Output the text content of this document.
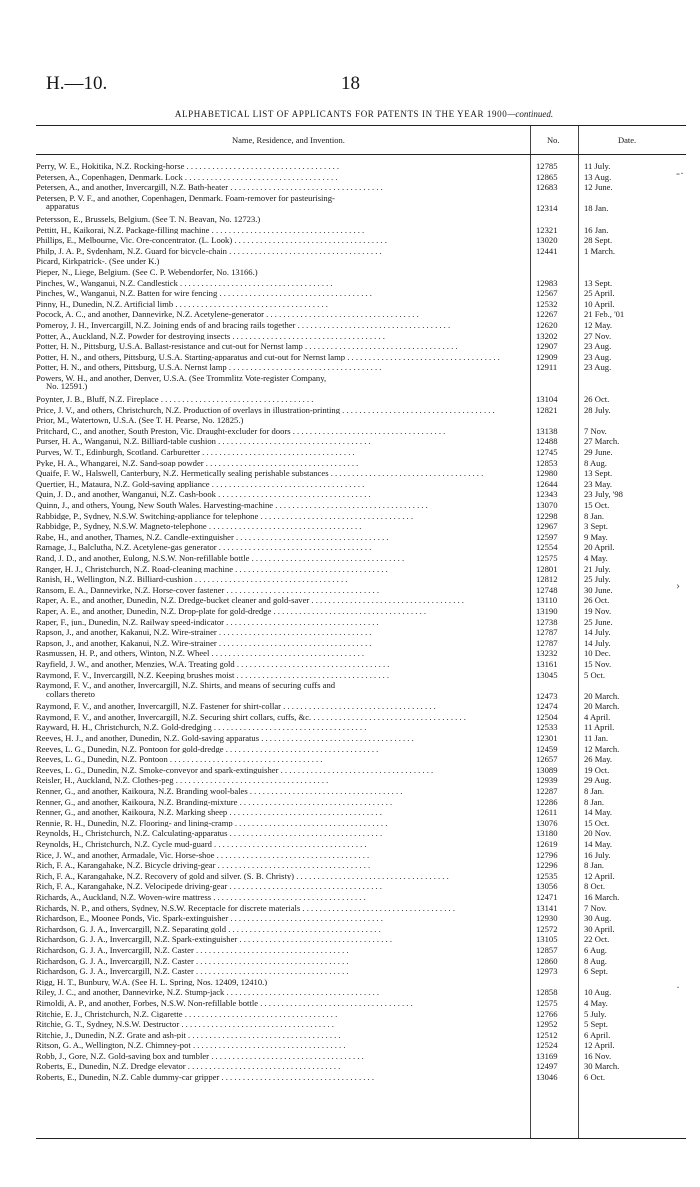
H.—10.	18
ALPHABETICAL LIST OF APPLICANTS FOR PATENTS IN THE YEAR 1900—continued.
Name, Residence, and Invention.	No.	Date.
Perry, W. E., Hokitika, N.Z. Rocking-horse . . . . . . . . . . . . . . . . . . . . . . . . . . . . . . . . . . . .	12785	11 July.
Petersen, A., Copenhagen, Denmark. Lock . . . . . . . . . . . . . . . . . . . . . . . . . . . . . . . . . . . .	12865	13 Aug.
Petersen, A., and another, Invercargill, N.Z. Bath-heater . . . . . . . . . . . . . . . . . . . . . . . . . . . . . . . . . . . .	12683	12 June.
Petersen, P. V. F., and another, Copenhagen, Denmark. Foam-remover for pasteurising-
apparatus	12314	18 Jan.
Petersson, E., Brussels, Belgium. (See T. N. Beavan, No. 12723.)
Pettitt, H., Kaikorai, N.Z. Package-filling machine . . . . . . . . . . . . . . . . . . . . . . . . . . . . . . . . . . . .	12321	16 Jan.
Phillips, E., Melbourne, Vic. Ore-concentrator. (L. Look) . . . . . . . . . . . . . . . . . . . . . . . . . . . . . . . . . . . .	13020	28 Sept.
Philp, J. A. P., Sydenham, N.Z. Guard for bicycle-chain . . . . . . . . . . . . . . . . . . . . . . . . . . . . . . . . . . . .	12441	1 March.
Picard, Kirkpatrick-. (See under K.)
Pieper, N., Liege, Belgium. (See C. P. Webendorfer, No. 13166.)
Pinches, W., Wanganui, N.Z. Candlestick . . . . . . . . . . . . . . . . . . . . . . . . . . . . . . . . . . . .	12983	13 Sept.
Pinches, W., Wanganui, N.Z. Batten for wire fencing . . . . . . . . . . . . . . . . . . . . . . . . . . . . . . . . . . . .	12567	25 April.
Pinny, H., Dunedin, N.Z. Artificial limb . . . . . . . . . . . . . . . . . . . . . . . . . . . . . . . . . . . .	12532	10 April.
Pocock, A. C., and another, Dannevirke, N.Z. Acetylene-generator . . . . . . . . . . . . . . . . . . . . . . . . . . . . . . . . . . . .	12267	21 Feb., '01
Pomeroy, J. H., Invercargill, N.Z. Joining ends of and bracing rails together . . . . . . . . . . . . . . . . . . . . . . . . . . . . . . . . . . . .	12620	12 May.
Potter, A., Auckland, N.Z. Powder for destroying insects . . . . . . . . . . . . . . . . . . . . . . . . . . . . . . . . . . . .	13202	27 Nov.
Potter, H. N., Pittsburg, U.S.A. Ballast-resistance and cut-out for Nernst lamp . . . . . . . . . . . . . . . . . . . . . . . . . . . . . . . . . . . .	12907	23 Aug.
Potter, H. N., and others, Pittsburg, U.S.A. Starting-apparatus and cut-out for Nernst lamp . . . . . . . . . . . . . . . . . . . . . . . . . . . . . . . . . . . .	12909	23 Aug.
Potter, H. N., and others, Pittsburg, U.S.A. Nernst lamp . . . . . . . . . . . . . . . . . . . . . . . . . . . . . . . . . . . .	12911	23 Aug.
Powers, W. H., and another, Denver, U.S.A. (See Trommlitz Vote-register Company,
No. 12591.)
Poynter, J. B., Bluff, N.Z. Fireplace . . . . . . . . . . . . . . . . . . . . . . . . . . . . . . . . . . . .	13104	26 Oct.
Price, J. V., and others, Christchurch, N.Z. Production of overlays in illustration-printing . . . . . . . . . . . . . . . . . . . . . . . . . . . . . . . . . . . .	12821	28 July.
Prior, M., Watertown, U.S.A. (See T. H. Pearse, No. 12825.)
Pritchard, C., and another, South Preston, Vic. Draught-excluder for doors . . . . . . . . . . . . . . . . . . . . . . . . . . . . . . . . . . . .	13138	7 Nov.
Purser, H. A., Wanganui, N.Z. Billiard-table cushion . . . . . . . . . . . . . . . . . . . . . . . . . . . . . . . . . . . .	12488	27 March.
Purves, W. T., Edinburgh, Scotland. Carburetter . . . . . . . . . . . . . . . . . . . . . . . . . . . . . . . . . . . .	12745	29 June.
Pyke, H. A., Whangarei, N.Z. Sand-soap powder . . . . . . . . . . . . . . . . . . . . . . . . . . . . . . . . . . . .	12853	8 Aug.
Quaife, F. W., Halswell, Canterbury, N.Z. Hermetically sealing perishable substances . . . . . . . . . . . . . . . . . . . . . . . . . . . . . . . . . . . .	12980	13 Sept.
Quertier, H., Mataura, N.Z. Gold-saving appliance . . . . . . . . . . . . . . . . . . . . . . . . . . . . . . . . . . . .	12644	23 May.
Quin, J. D., and another, Wanganui, N.Z. Cash-book . . . . . . . . . . . . . . . . . . . . . . . . . . . . . . . . . . . .	12343	23 July, '98
Quinn, J., and others, Young, New South Wales. Harvesting-machine . . . . . . . . . . . . . . . . . . . . . . . . . . . . . . . . . . . .	13070	15 Oct.
Rabbidge, P., Sydney, N.S.W. Switching-appliance for telephone . . . . . . . . . . . . . . . . . . . . . . . . . . . . . . . . . . . .	12298	8 Jan.
Rabbidge, P., Sydney, N.S.W. Magneto-telephone . . . . . . . . . . . . . . . . . . . . . . . . . . . . . . . . . . . .	12967	3 Sept.
Rabe, H., and another, Thames, N.Z. Candle-extinguisher . . . . . . . . . . . . . . . . . . . . . . . . . . . . . . . . . . . .	12597	9 May.
Ramage, J., Balclutha, N.Z. Acetylene-gas generator . . . . . . . . . . . . . . . . . . . . . . . . . . . . . . . . . . . .	12554	20 April.
Rand, J. D., and another, Eulong, N.S.W. Non-refillable bottle . . . . . . . . . . . . . . . . . . . . . . . . . . . . . . . . . . . .	12575	4 May.
Ranger, H. J., Christchurch, N.Z. Road-cleaning machine . . . . . . . . . . . . . . . . . . . . . . . . . . . . . . . . . . . .	12801	21 July.
Ranish, H., Wellington, N.Z. Billiard-cushion . . . . . . . . . . . . . . . . . . . . . . . . . . . . . . . . . . . .	12812	25 July.
Ransom, E. A., Dannevirke, N.Z. Horse-cover fastener . . . . . . . . . . . . . . . . . . . . . . . . . . . . . . . . . . . .	12748	30 June.
Raper, A. E., and another, Dunedin, N.Z. Dredge-bucket cleaner and gold-saver . . . . . . . . . . . . . . . . . . . . . . . . . . . . . . . . . . . .	13110	26 Oct.
Raper, A. E., and another, Dunedin, N.Z. Drop-plate for gold-dredge . . . . . . . . . . . . . . . . . . . . . . . . . . . . . . . . . . . .	13190	19 Nov.
Raper, F., jun., Dunedin, N.Z. Railway speed-indicator . . . . . . . . . . . . . . . . . . . . . . . . . . . . . . . . . . . .	12738	25 June.
Rapson, J., and another, Kakanui, N.Z. Wire-strainer . . . . . . . . . . . . . . . . . . . . . . . . . . . . . . . . . . . .	12787	14 July.
Rapson, J., and another, Kakanui, N.Z. Wire-strainer . . . . . . . . . . . . . . . . . . . . . . . . . . . . . . . . . . . .	12787	14 July.
Rasmussen, H. P., and others, Winton, N.Z. Wheel . . . . . . . . . . . . . . . . . . . . . . . . . . . . . . . . . . . .	13232	10 Dec.
Rayfield, J. W., and another, Menzies, W.A. Treating gold . . . . . . . . . . . . . . . . . . . . . . . . . . . . . . . . . . . .	13161	15 Nov.
Raymond, F. V., Invercargill, N.Z. Keeping brushes moist . . . . . . . . . . . . . . . . . . . . . . . . . . . . . . . . . . . .	13045	5 Oct.
Raymond, F. V., and another, Invercargill, N.Z. Shirts, and means of securing cuffs and
collars thereto	12473	20 March.
Raymond, F. V., and another, Invercargill, N.Z. Fastener for shirt-collar . . . . . . . . . . . . . . . . . . . . . . . . . . . . . . . . . . . .	12474	20 March.
Raymond, F. V., and another, Invercargill, N.Z. Securing shirt collars, cuffs, &c. . . . . . . . . . . . . . . . . . . . . . . . . . . . . . . . . . . . .	12504	4 April.
Rayward, H. H., Christchurch, N.Z. Gold-dredging . . . . . . . . . . . . . . . . . . . . . . . . . . . . . . . . . . . .	12533	11 April.
Reeves, H. J., and another, Dunedin, N.Z. Gold-saving apparatus . . . . . . . . . . . . . . . . . . . . . . . . . . . . . . . . . . . .	12301	11 Jan.
Reeves, L. G., Dunedin, N.Z. Pontoon for gold-dredge . . . . . . . . . . . . . . . . . . . . . . . . . . . . . . . . . . . .	12459	12 March.
Reeves, L. G., Dunedin, N.Z. Pontoon . . . . . . . . . . . . . . . . . . . . . . . . . . . . . . . . . . . .	12657	26 May.
Reeves, L. G., Dunedin, N.Z. Smoke-conveyor and spark-extinguisher . . . . . . . . . . . . . . . . . . . . . . . . . . . . . . . . . . . .	13089	19 Oct.
Reisler, H., Auckland, N.Z. Clothes-peg . . . . . . . . . . . . . . . . . . . . . . . . . . . . . . . . . . . .	12939	29 Aug.
Renner, G., and another, Kaikoura, N.Z. Branding wool-bales . . . . . . . . . . . . . . . . . . . . . . . . . . . . . . . . . . . .	12287	8 Jan.
Renner, G., and another, Kaikoura, N.Z. Branding-mixture . . . . . . . . . . . . . . . . . . . . . . . . . . . . . . . . . . . .	12286	8 Jan.
Renner, G., and another, Kaikoura, N.Z. Marking sheep . . . . . . . . . . . . . . . . . . . . . . . . . . . . . . . . . . . .	12611	14 May.
Rennie, R. H., Dunedin, N.Z. Flooring- and lining-cramp . . . . . . . . . . . . . . . . . . . . . . . . . . . . . . . . . . . .	13076	15 Oct.
Reynolds, H., Christchurch, N.Z. Calculating-apparatus . . . . . . . . . . . . . . . . . . . . . . . . . . . . . . . . . . . .	13180	20 Nov.
Reynolds, H., Christchurch, N.Z. Cycle mud-guard . . . . . . . . . . . . . . . . . . . . . . . . . . . . . . . . . . . .	12619	14 May.
Rice, J. W., and another, Armadale, Vic. Horse-shoe . . . . . . . . . . . . . . . . . . . . . . . . . . . . . . . . . . . .	12796	16 July.
Rich, F. A., Karangahake, N.Z. Bicycle driving-gear . . . . . . . . . . . . . . . . . . . . . . . . . . . . . . . . . . . .	12296	8 Jan.
Rich, F. A., Karangahake, N.Z. Recovery of gold and silver. (S. B. Christy) . . . . . . . . . . . . . . . . . . . . . . . . . . . . . . . . . . . .	12535	12 April.
Rich, F. A., Karangahake, N.Z. Velocipede driving-gear . . . . . . . . . . . . . . . . . . . . . . . . . . . . . . . . . . . .	13056	8 Oct.
Richards, A., Auckland, N.Z. Woven-wire mattress . . . . . . . . . . . . . . . . . . . . . . . . . . . . . . . . . . . .	12471	16 March.
Richards, N. P., and others, Sydney, N.S.W. Receptacle for discrete materials . . . . . . . . . . . . . . . . . . . . . . . . . . . . . . . . . . . .	13141	7 Nov.
Richardson, E., Moonee Ponds, Vic. Spark-extinguisher . . . . . . . . . . . . . . . . . . . . . . . . . . . . . . . . . . . .	12930	30 Aug.
Richardson, G. J. A., Invercargill, N.Z. Separating gold . . . . . . . . . . . . . . . . . . . . . . . . . . . . . . . . . . . .	12572	30 April.
Richardson, G. J. A., Invercargill, N.Z. Spark-extinguisher . . . . . . . . . . . . . . . . . . . . . . . . . . . . . . . . . . . .	13105	22 Oct.
Richardson, G. J. A., Invercargill, N.Z. Caster . . . . . . . . . . . . . . . . . . . . . . . . . . . . . . . . . . . .	12857	6 Aug.
Richardson, G. J. A., Invercargill, N.Z. Caster . . . . . . . . . . . . . . . . . . . . . . . . . . . . . . . . . . . .	12860	8 Aug.
Richardson, G. J. A., Invercargill, N.Z. Caster . . . . . . . . . . . . . . . . . . . . . . . . . . . . . . . . . . . .	12973	6 Sept.
Rigg, H. T., Bunbury, W.A. (See H. L. Spring, Nos. 12409, 12410.)
Riley, J. C., and another, Dannevirke, N.Z. Stump-jack . . . . . . . . . . . . . . . . . . . . . . . . . . . . . . . . . . . .	12858	10 Aug.
Rimoldi, A. P., and another, Forbes, N.S.W. Non-refillable bottle . . . . . . . . . . . . . . . . . . . . . . . . . . . . . . . . . . . .	12575	4 May.
Ritchie, E. J., Christchurch, N.Z. Cigarette . . . . . . . . . . . . . . . . . . . . . . . . . . . . . . . . . . . .	12766	5 July.
Ritchie, G. T., Sydney, N.S.W. Destructor . . . . . . . . . . . . . . . . . . . . . . . . . . . . . . . . . . . .	12952	5 Sept.
Ritchie, J., Dunedin, N.Z. Grate and ash-pit . . . . . . . . . . . . . . . . . . . . . . . . . . . . . . . . . . . .	12512	6 April.
Ritson, G. A., Wellington, N.Z. Chimney-pot . . . . . . . . . . . . . . . . . . . . . . . . . . . . . . . . . . . .	12524	12 April.
Robb, J., Gore, N.Z. Gold-saving box and tumbler . . . . . . . . . . . . . . . . . . . . . . . . . . . . . . . . . . . .	13169	16 Nov.
Roberts, E., Dunedin, N.Z. Dredge elevator . . . . . . . . . . . . . . . . . . . . . . . . . . . . . . . . . . . .	12497	30 March.
Roberts, E., Dunedin, N.Z. Cable dummy-car gripper . . . . . . . . . . . . . . . . . . . . . . . . . . . . . . . . . . . .	13046	6 Oct.
-·
›
·
